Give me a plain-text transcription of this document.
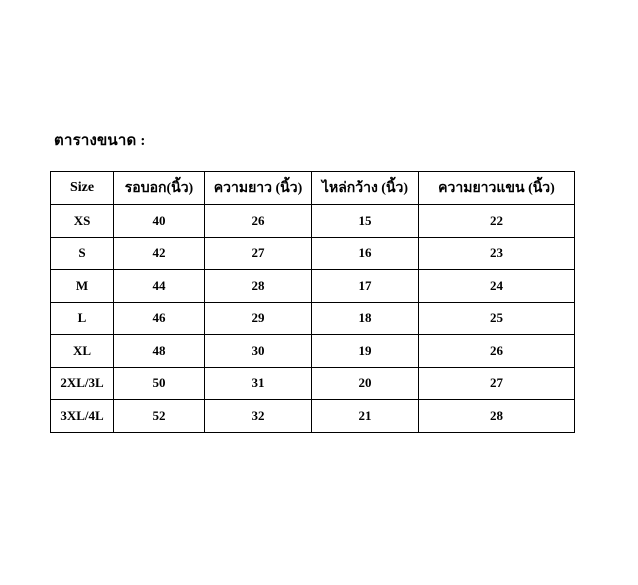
ตารางขนาด :
Size	รอบอก(นิ้ว)	ความยาว (นิ้ว)	ไหล่กว้าง (นิ้ว)	ความยาวแขน (นิ้ว)
XS	40	26	15	22
S	42	27	16	23
M	44	28	17	24
L	46	29	18	25
XL	48	30	19	26
2XL/3L	50	31	20	27
3XL/4L	52	32	21	28
